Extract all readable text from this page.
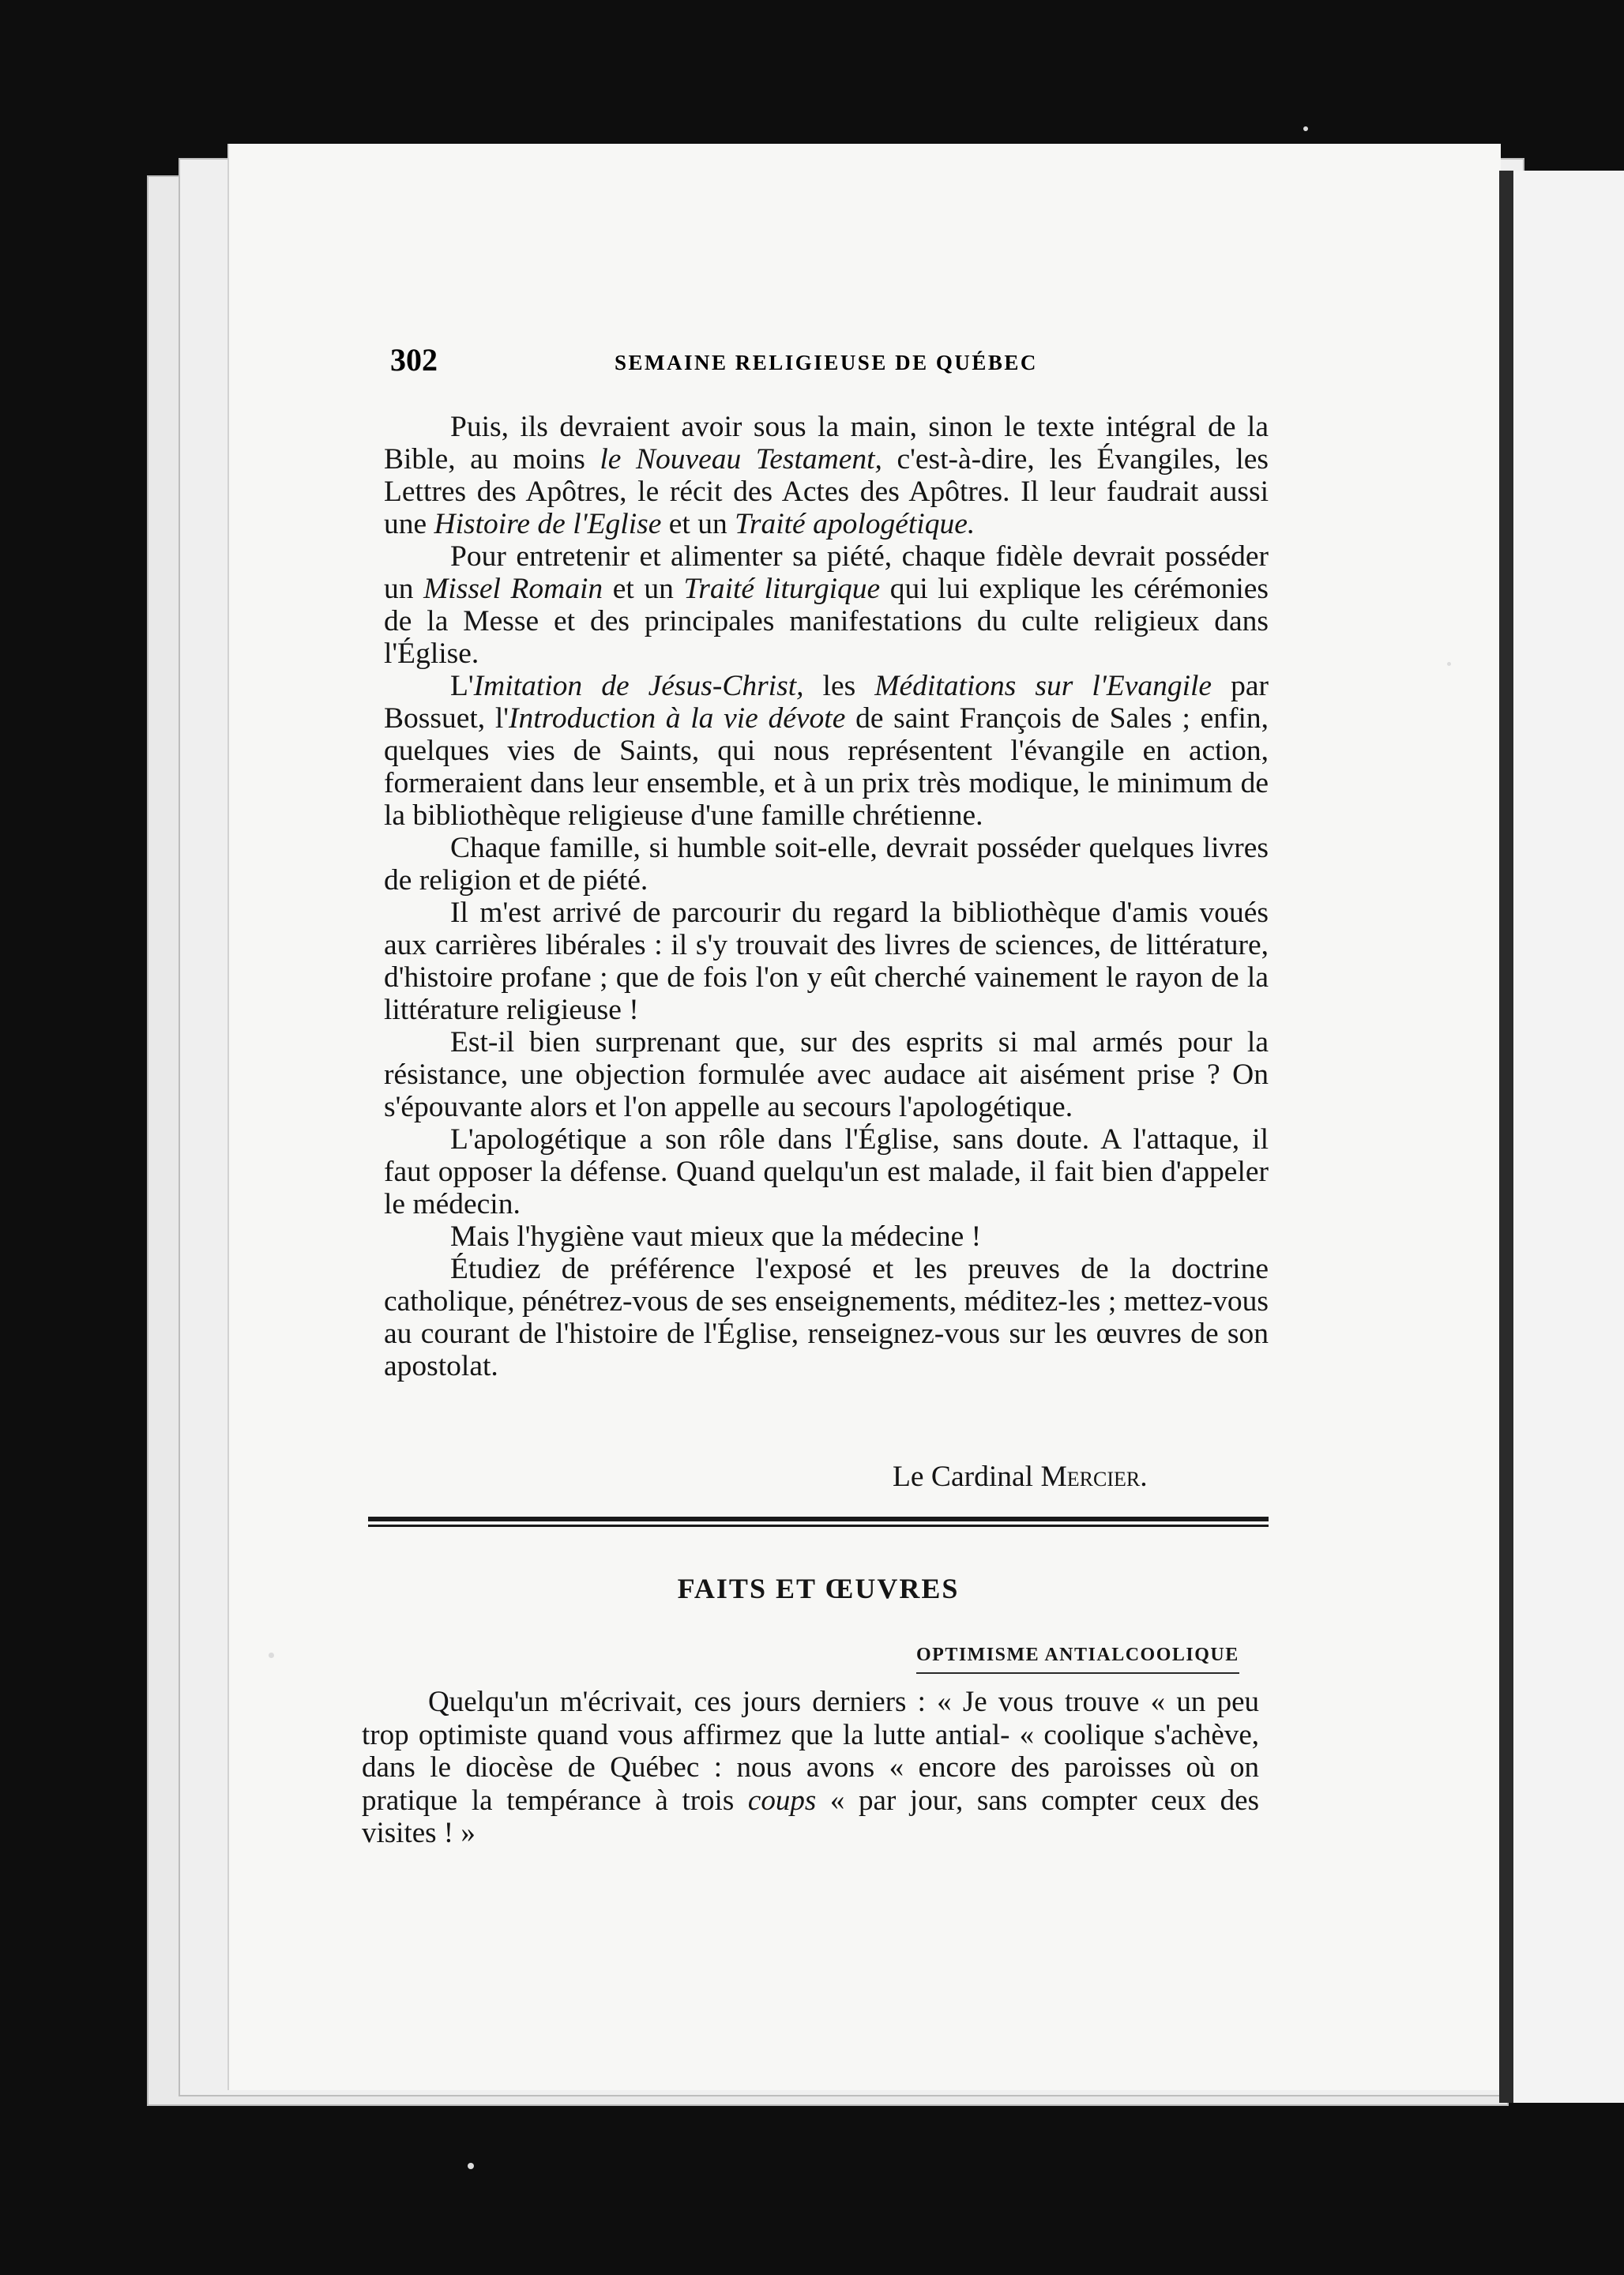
302	SEMAINE RELIGIEUSE DE QUÉBEC

Puis, ils devraient avoir sous la main, sinon le texte intégral de la Bible, au moins le Nouveau Testament, c'est-à-dire, les Évangiles, les Lettres des Apôtres, le récit des Actes des Apôtres. Il leur faudrait aussi une Histoire de l'Eglise et un Traité apologétique.

Pour entretenir et alimenter sa piété, chaque fidèle devrait posséder un Missel Romain et un Traité liturgique qui lui explique les cérémonies de la Messe et des principales manifestations du culte religieux dans l'Église.

L'Imitation de Jésus-Christ, les Méditations sur l'Evangile par Bossuet, l'Introduction à la vie dévote de saint François de Sales ; enfin, quelques vies de Saints, qui nous représentent l'évangile en action, formeraient dans leur ensemble, et à un prix très modique, le minimum de la bibliothèque religieuse d'une famille chrétienne.

Chaque famille, si humble soit-elle, devrait posséder quelques livres de religion et de piété.

Il m'est arrivé de parcourir du regard la bibliothèque d'amis voués aux carrières libérales : il s'y trouvait des livres de sciences, de littérature, d'histoire profane ; que de fois l'on y eût cherché vainement le rayon de la littérature religieuse !

Est-il bien surprenant que, sur des esprits si mal armés pour la résistance, une objection formulée avec audace ait aisément prise ? On s'épouvante alors et l'on appelle au secours l'apologétique.

L'apologétique a son rôle dans l'Église, sans doute. A l'attaque, il faut opposer la défense. Quand quelqu'un est malade, il fait bien d'appeler le médecin.

Mais l'hygiène vaut mieux que la médecine !

Étudiez de préférence l'exposé et les preuves de la doctrine catholique, pénétrez-vous de ses enseignements, méditez-les ; mettez-vous au courant de l'histoire de l'Église, renseignez-vous sur les œuvres de son apostolat.

Le Cardinal Mercier.
FAITS ET ŒUVRES
OPTIMISME ANTIALCOOLIQUE

Quelqu'un m'écrivait, ces jours derniers : « Je vous trouve « un peu trop optimiste quand vous affirmez que la lutte antial- « coolique s'achève, dans le diocèse de Québec : nous avons « encore des paroisses où on pratique la tempérance à trois coups « par jour, sans compter ceux des visites ! »
